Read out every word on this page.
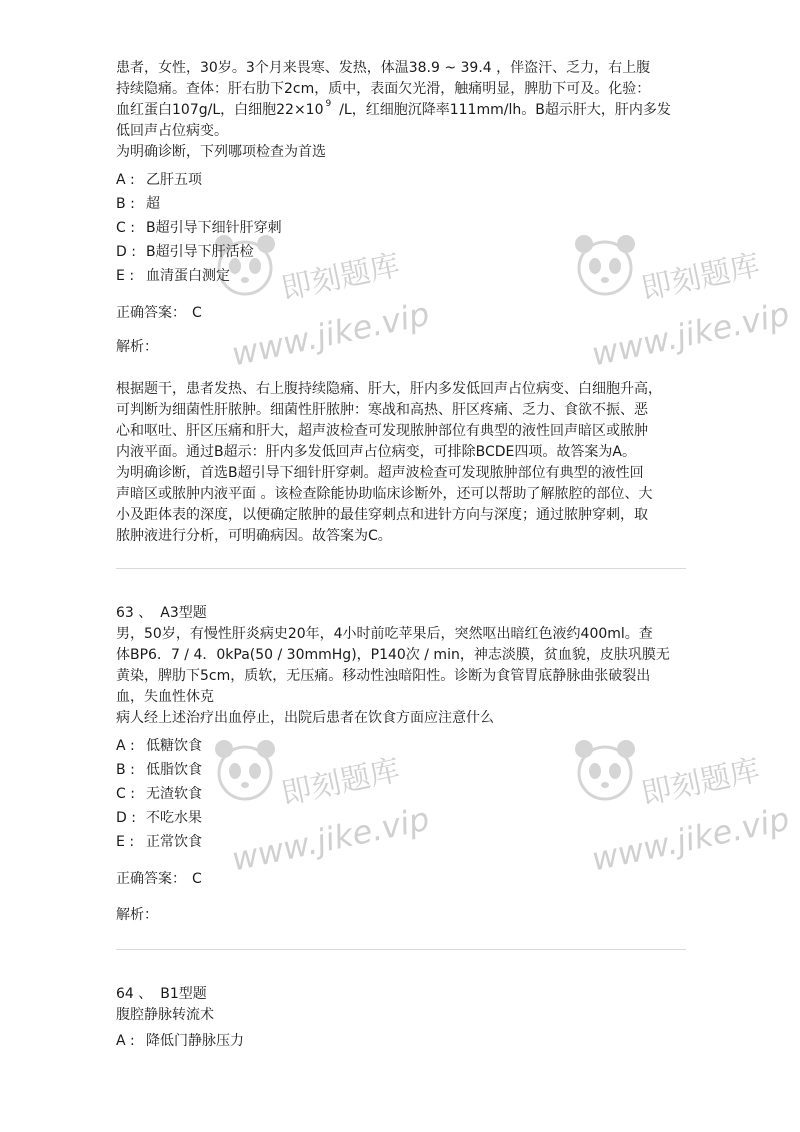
即刻题库
www.jike.vip
即刻题库
www.jike.vip
即刻题库
www.jike.vip
即刻题库
www.jike.vip

患者，女性，30岁。3个月来畏寒、发热，体温38.9 ~ 39.4 ，伴盗汗、乏力，右上腹

持续隐痛。查体：肝右肋下2cm，质中，表面欠光滑，触痛明显，脾肋下可及。化验：

血红蛋白107g/L，白细胞22×10 $^9$ /L，红细胞沉降率111mm/lh。B超示肝大，肝内多发

低回声占位病变。

为明确诊断，下列哪项检查为首选

A : 乙肝五项

B : 超

C : B超引导下细针肝穿刺

D : B超引导下肝活检

E : 血清蛋白测定

正确答案： C

解析：

根据题干，患者发热、右上腹持续隐痛、肝大，肝内多发低回声占位病变、白细胞升高，

可判断为细菌性肝脓肿。细菌性肝脓肿：寒战和高热、肝区疼痛、乏力、食欲不振、恶

心和呕吐、肝区压痛和肝大，超声波检查可发现脓肿部位有典型的液性回声暗区或脓肿

内液平面。通过B超示：肝内多发低回声占位病变，可排除BCDE四项。故答案为A。

为明确诊断，首选B超引导下细针肝穿刺。超声波检查可发现脓肿部位有典型的液性回

声暗区或脓肿内液平面 。该检查除能协助临床诊断外，还可以帮助了解脓腔的部位、大

小及距体表的深度，以便确定脓肿的最佳穿刺点和进针方向与深度；通过脓肿穿刺，取

脓肿液进行分析，可明确病因。故答案为C。

63 、 A3型题

男，50岁，有慢性肝炎病史20年，4小时前吃苹果后，突然呕出暗红色液约400ml。查

体BP6．7 / 4．0kPa(50 / 30mmHg)，P140次 / min，神志淡膜，贫血貌，皮肤巩膜无

黄染，脾肋下5cm，质软，无压痛。移动性浊暗阳性。诊断为食管胃底静脉曲张破裂出

血，失血性休克

病人经上述治疗出血停止，出院后患者在饮食方面应注意什么

A : 低糖饮食

B : 低脂饮食

C : 无渣软食

D : 不吃水果

E : 正常饮食

正确答案： C

解析：

64 、 B1型题

腹腔静脉转流术

A : 降低门静脉压力
